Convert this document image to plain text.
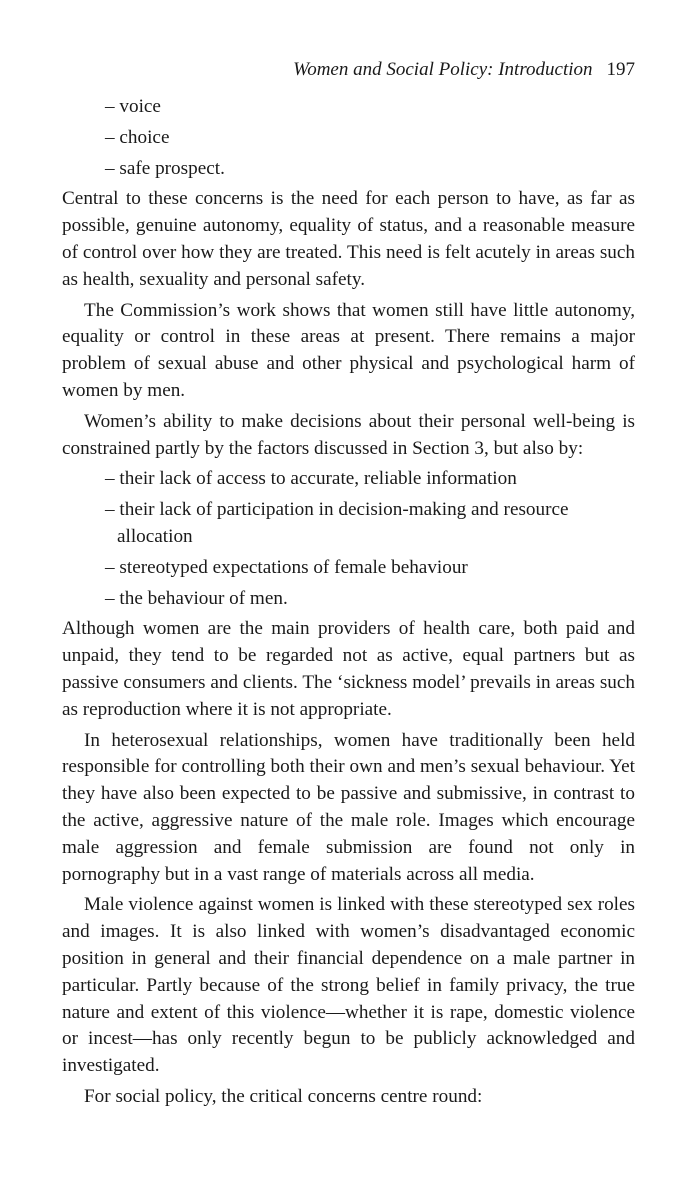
Women and Social Policy: Introduction 197
– voice
– choice
– safe prospect.

Central to these concerns is the need for each person to have, as far as possible, genuine autonomy, equality of status, and a reasonable measure of control over how they are treated. This need is felt acutely in areas such as health, sexuality and personal safety.

The Commission’s work shows that women still have little autonomy, equality or control in these areas at present. There remains a major problem of sexual abuse and other physical and psychological harm of women by men.

Women’s ability to make decisions about their personal well-being is constrained partly by the factors discussed in Section 3, but also by:

– their lack of access to accurate, reliable information
– their lack of participation in decision-making and resource allocation
– stereotyped expectations of female behaviour
– the behaviour of men.

Although women are the main providers of health care, both paid and unpaid, they tend to be regarded not as active, equal partners but as passive consumers and clients. The ‘sickness model’ prevails in areas such as reproduction where it is not appropriate.

In heterosexual relationships, women have traditionally been held responsible for controlling both their own and men’s sexual behaviour. Yet they have also been expected to be passive and submissive, in contrast to the active, aggressive nature of the male role. Images which encourage male aggression and female submission are found not only in pornography but in a vast range of materials across all media.

Male violence against women is linked with these stereotyped sex roles and images. It is also linked with women’s disadvantaged economic position in general and their financial dependence on a male partner in particular. Partly because of the strong belief in family privacy, the true nature and extent of this violence—whether it is rape, domestic violence or incest—has only recently begun to be publicly acknowledged and investigated.

For social policy, the critical concerns centre round:
